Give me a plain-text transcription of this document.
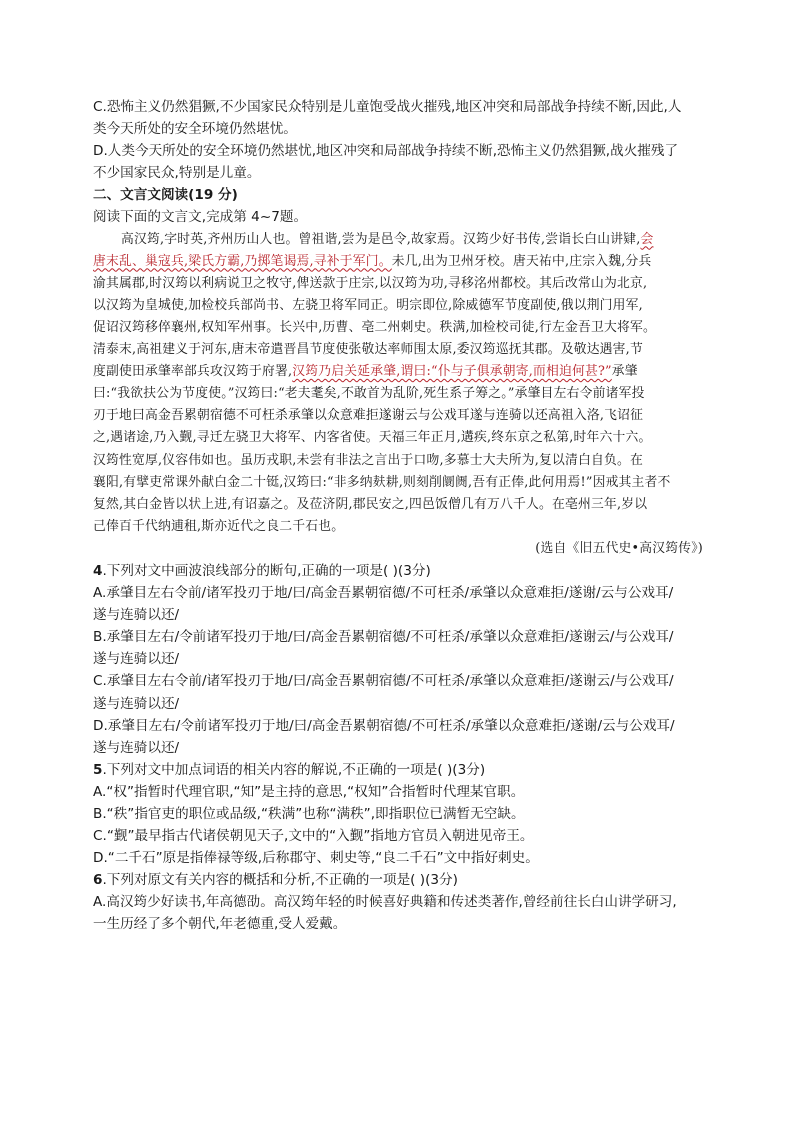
C.恐怖主义仍然猖獗,不少国家民众特别是儿童饱受战火摧残,地区冲突和局部战争持续不断,因此,人
类今天所处的安全环境仍然堪忧。
D.人类今天所处的安全环境仍然堪忧,地区冲突和局部战争持续不断,恐怖主义仍然猖獗,战火摧残了
不少国家民众,特别是儿童。
二、文言文阅读(19 分)
阅读下面的文言文,完成第 4~7题。
高汉筠,字时英,齐州历山人也。曾祖谐,尝为是邑令,故家焉。汉筠少好书传,尝诣长白山讲肄,会
唐末乱、巢寇兵,梁氏方霸,乃掷笔谒焉,寻补于军门。未几,出为卫州牙校。唐天祐中,庄宗入魏,分兵
渝其属郡,时汉筠以利病说卫之牧守,俾送款于庄宗,以汉筠为功,寻移洺州都校。其后改常山为北京,
以汉筠为皇城使,加检校兵部尚书、左骁卫将军同正。明宗即位,除威德军节度副使,俄以荆门用军,
促诏汉筠移倅襄州,权知军州事。长兴中,历曹、亳二州刺史。秩满,加检校司徒,行左金吾卫大将军。
清泰末,高祖建义于河东,唐末帝遣晋昌节度使张敬达率师围太原,委汉筠巡抚其郡。及敬达遇害,节
度副使田承肇率部兵攻汉筠于府署,汉筠乃启关延承肇,谓曰:“仆与子俱承朝寄,而相迫何甚?”承肇
曰:“我欲扶公为节度使。”汉筠曰:“老夫耄矣,不敢首为乱阶,死生系子筹之。”承肇目左右令前诸军投
刃于地曰高金吾累朝宿德不可枉杀承肇以众意难拒遂谢云与公戏耳遂与连骑以还高祖入洛,飞诏征
之,遇诸途,乃入觐,寻迁左骁卫大将军、内客省使。天福三年正月,遘疾,终东京之私第,时年六十六。
汉筠性宽厚,仪容伟如也。虽历戎职,未尝有非法之言出于口吻,多慕士大夫所为,复以清白自负。在
襄阳,有擘吏常课外献白金二十铤,汉筠曰:“非多纳麸耕,则刻削阛阓,吾有正俸,此何用焉!”因戒其主者不
复然,其白金皆以状上进,有诏嘉之。及莅济阴,郡民安之,四邑饭僧几有万八千人。在亳州三年,岁以
己俸百千代纳逋租,斯亦近代之良二千石也。
(选自《旧五代史•高汉筠传》)
4.下列对文中画波浪线部分的断句,正确的一项是( )(3分)
A.承肇目左右令前/诸军投刃于地/曰/高金吾累朝宿德/不可枉杀/承肇以众意难拒/遂谢/云与公戏耳/
遂与连骑以还/
B.承肇目左右/令前诸军投刃于地/曰/高金吾累朝宿德/不可枉杀/承肇以众意难拒/遂谢云/与公戏耳/
遂与连骑以还/
C.承肇目左右令前/诸军投刃于地/曰/高金吾累朝宿德/不可枉杀/承肇以众意难拒/遂谢云/与公戏耳/
遂与连骑以还/
D.承肇目左右/令前诸军投刃于地/曰/高金吾累朝宿德/不可枉杀/承肇以众意难拒/遂谢/云与公戏耳/
遂与连骑以还/
5.下列对文中加点词语的相关内容的解说,不正确的一项是( )(3分)
A.“权”指暂时代理官职,“知”是主持的意思,“权知”合指暂时代理某官职。
B.“秩”指官吏的职位或品级,“秩满”也称“满秩”,即指职位已满暂无空缺。
C.“觐”最早指古代诸侯朝见天子,文中的“入觐”指地方官员入朝进见帝王。
D.“二千石”原是指俸禄等级,后称郡守、刺史等,“良二千石”文中指好刺史。
6.下列对原文有关内容的概括和分析,不正确的一项是( )(3分)
A.高汉筠少好读书,年高德劭。高汉筠年轻的时候喜好典籍和传述类著作,曾经前往长白山讲学研习,
一生历经了多个朝代,年老德重,受人爱戴。
